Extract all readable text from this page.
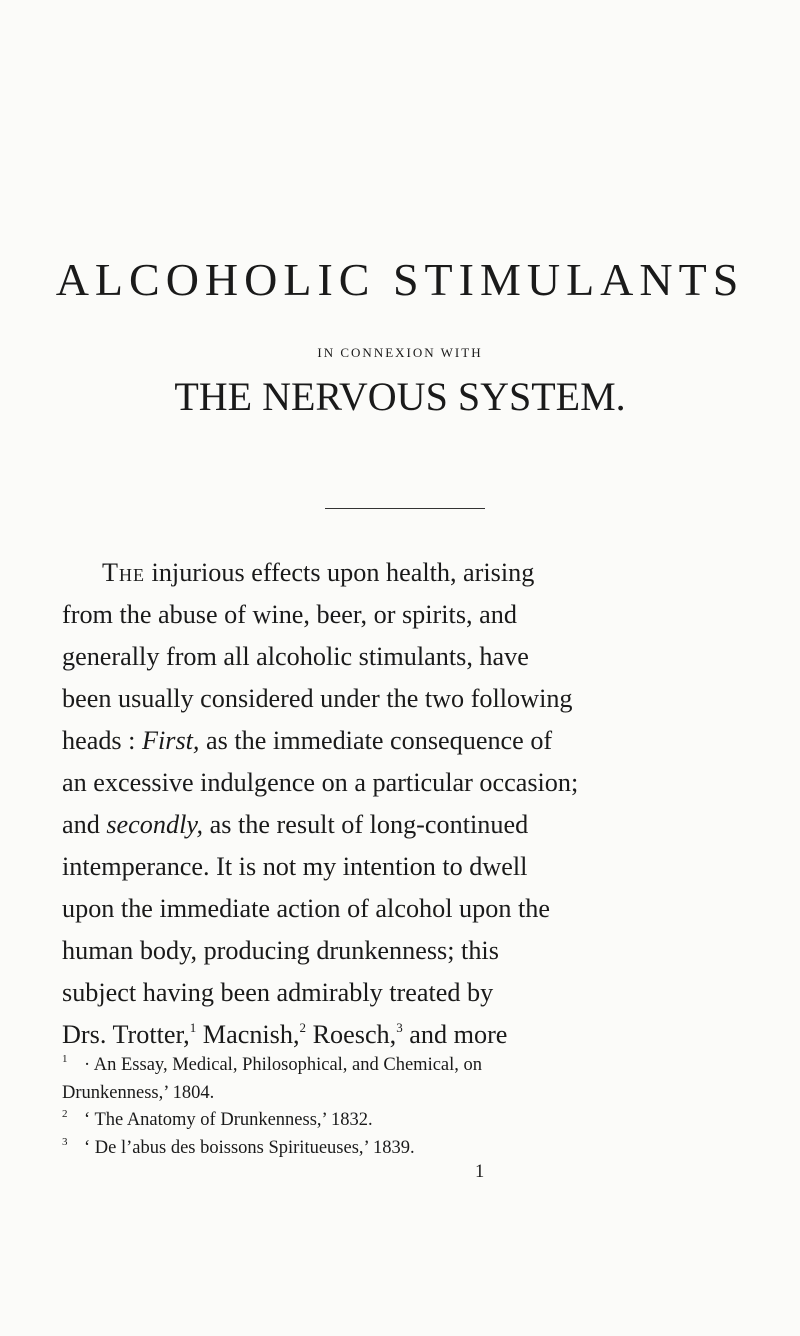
ALCOHOLIC STIMULANTS
IN CONNEXION WITH
THE NERVOUS SYSTEM.
The injurious effects upon health, arising
from the abuse of wine, beer, or spirits, and
generally from all alcoholic stimulants, have
been usually considered under the two following
heads : First, as the immediate consequence of
an excessive indulgence on a particular occasion;
and secondly, as the result of long-continued
intemperance. It is not my intention to dwell
upon the immediate action of alcohol upon the
human body, producing drunkenness; this
subject having been admirably treated by
Drs. Trotter,$^1$ Macnish,$^2$ Roesch,$^3$ and more
1 · An Essay, Medical, Philosophical, and Chemical, on
Drunkenness,’ 1804.
2 ‘ The Anatomy of Drunkenness,’ 1832.
3 ‘ De l’abus des boissons Spiritueuses,’ 1839.
1
